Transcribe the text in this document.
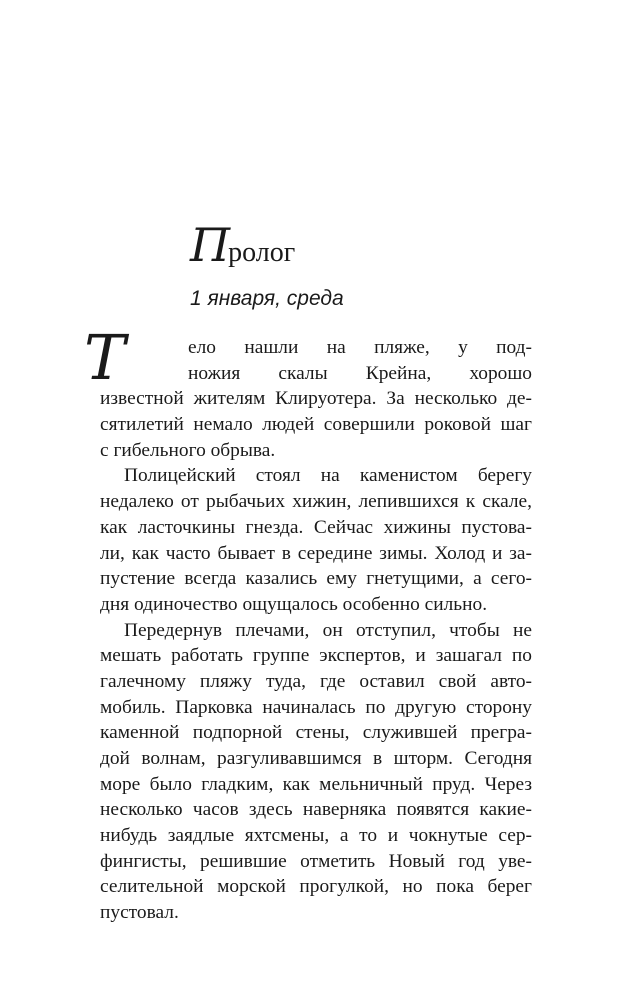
Пролог
1 января, среда
Т	ело нашли на пляже, у под-
ножия скалы Крейна, хорошо
известной жителям Клируотера. За несколько де-
сятилетий немало людей совершили роковой шаг
с гибельного обрыва.
Полицейский стоял на каменистом берегу
недалеко от рыбачьих хижин, лепившихся к скале,
как ласточкины гнезда. Сейчас хижины пустова-
ли, как часто бывает в середине зимы. Холод и за-
пустение всегда казались ему гнетущими, а сего-
дня одиночество ощущалось особенно сильно.
Передернув плечами, он отступил, чтобы не
мешать работать группе экспертов, и зашагал по
галечному пляжу туда, где оставил свой авто-
мобиль. Парковка начиналась по другую сторону
каменной подпорной стены, служившей прегра-
дой волнам, разгуливавшимся в шторм. Сегодня
море было гладким, как мельничный пруд. Через
несколько часов здесь наверняка появятся какие-
нибудь заядлые яхтсмены, а то и чокнутые сер-
фингисты, решившие отметить Новый год уве-
селительной морской прогулкой, но пока берег
пустовал.
